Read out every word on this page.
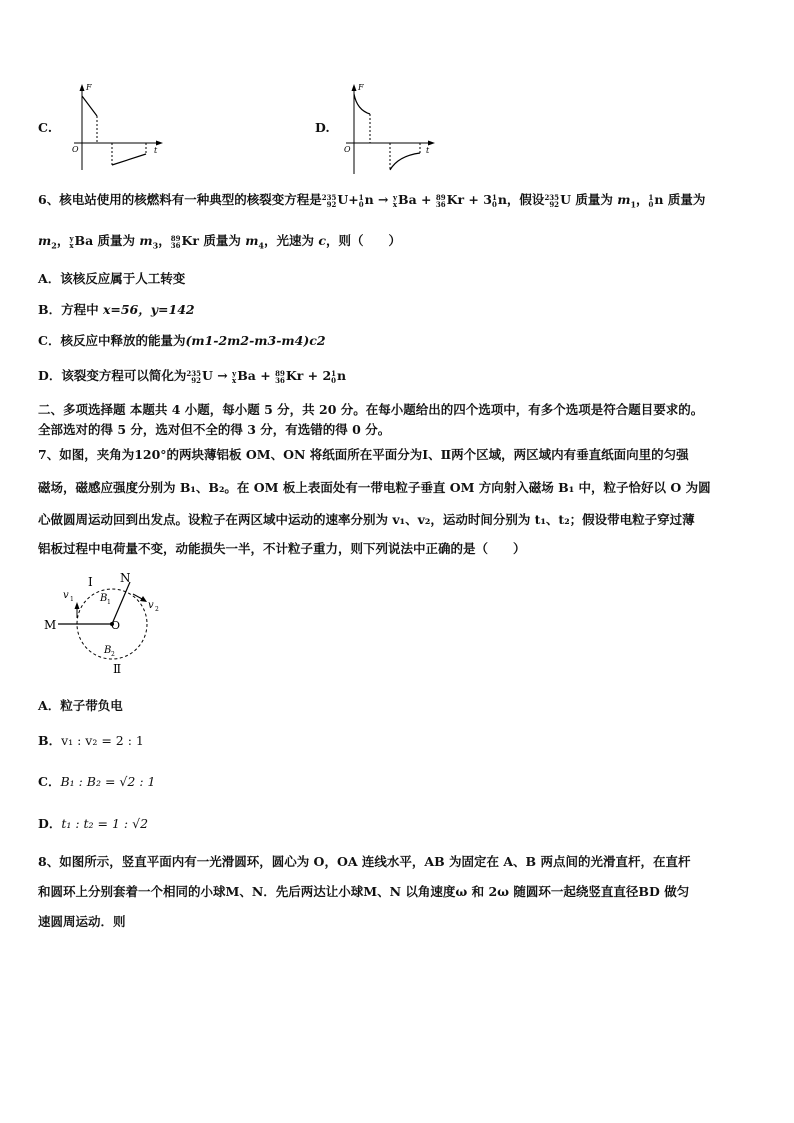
C.
F
t
O
D.
F
t
O
6、核电站使用的核燃料有一种典型的核裂变方程是 235
92 U+ 1
0 n → y
x Ba + 89
36 Kr + 3 1
0 n，假设 235
92 U 质量为 $m_1$， 1
0 n 质量为
$m_2$， y
x Ba 质量为 $m_3$， 89
36 Kr 质量为 $m_4$，光速为 c，则（　　）
A．该核反应属于人工转变
B．方程中 x=56，y=142
C．核反应中释放的能量为(m1-2m2-m3-m4)c2
D．该裂变方程可以简化为 235
92 U → y
x Ba + 89
36 Kr + 2 1
0 n
二、多项选择题 本题共 4 小题，每小题 5 分，共 20 分。在每小题给出的四个选项中，有多个选项是符合题目要求的。
全部选对的得 5 分，选对但不全的得 3 分，有选错的得 0 分。
7、如图，夹角为120°的两块薄铝板 OM、ON 将纸面所在平面分为Ⅰ、Ⅱ两个区域，两区域内有垂直纸面向里的匀强
磁场，磁感应强度分别为 B₁、B₂。在 OM 板上表面处有一带电粒子垂直 OM 方向射入磁场 B₁ 中，粒子恰好以 O 为圆
心做圆周运动回到出发点。设粒子在两区域中运动的速率分别为 v₁、v₂，运动时间分别为 t₁、t₂；假设带电粒子穿过薄
铝板过程中电荷量不变，动能损失一半，不计粒子重力，则下列说法中正确的是（　　）
Ⅰ N
M	O
B 1
B 2
Ⅱ
v 1
v 2
A．粒子带负电
B．v₁ : v₂ = 2 : 1
C．B₁ : B₂ = √2 : 1
D．t₁ : t₂ = 1 : √2
8、如图所示，竖直平面内有一光滑圆环，圆心为 O，OA 连线水平，AB 为固定在 A、B 两点间的光滑直杆，在直杆
和圆环上分别套着一个相同的小球M、N．先后两达让小球M、N 以角速度ω 和 2ω 随圆环一起绕竖直直径BD 做匀
速圆周运动．则
